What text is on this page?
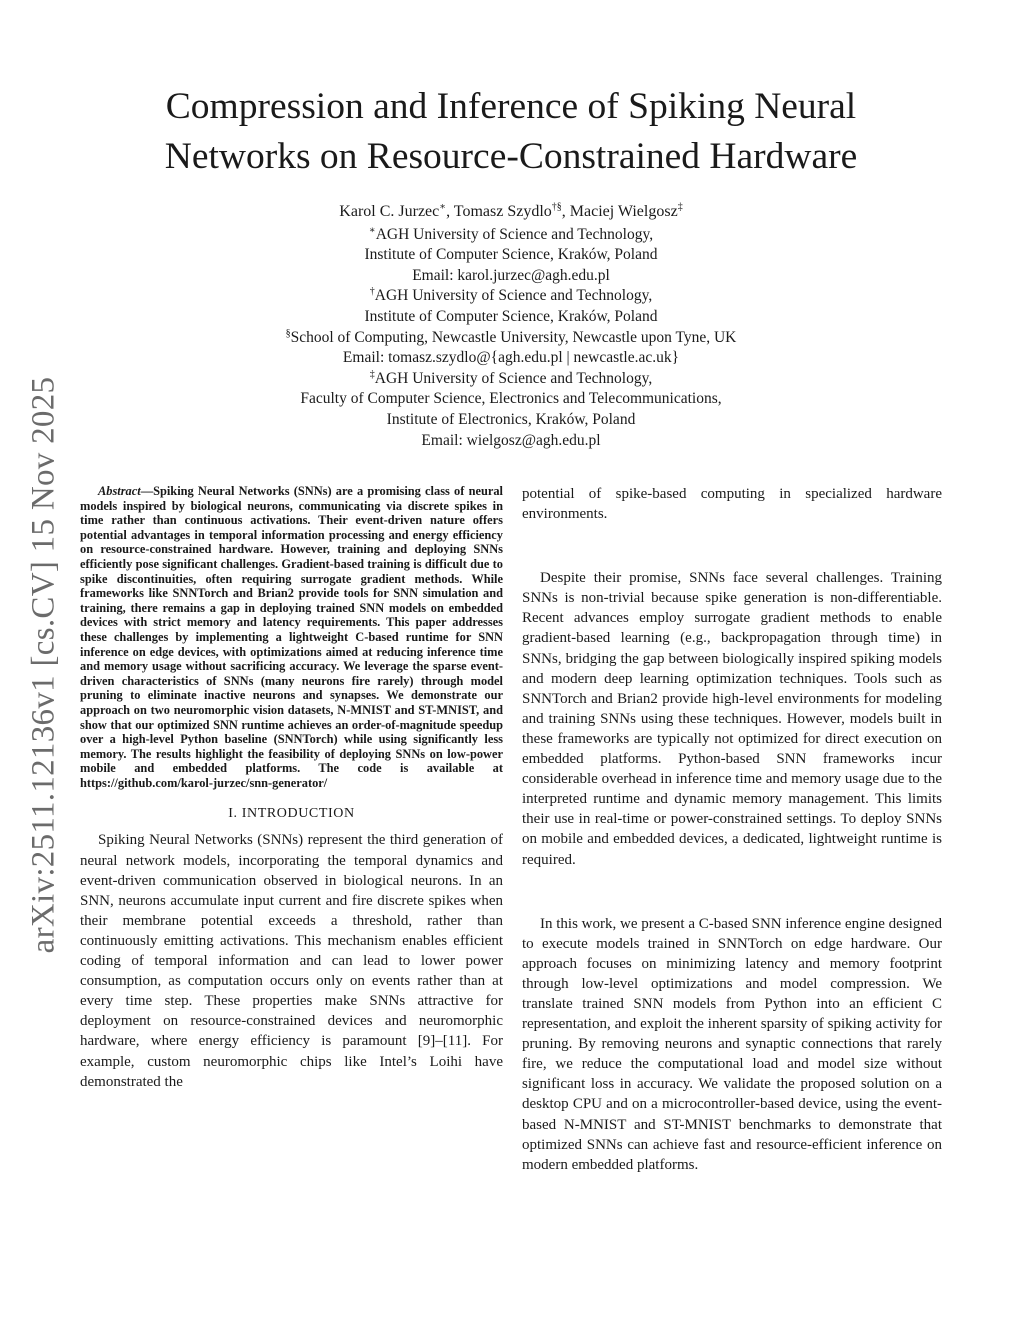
arXiv:2511.12136v1 [cs.CV] 15 Nov 2025
Compression and Inference of Spiking Neural
Networks on Resource-Constrained Hardware
Karol C. Jurzec∗, Tomasz Szydlo†§, Maciej Wielgosz‡
∗AGH University of Science and Technology,
Institute of Computer Science, Kraków, Poland
Email: karol.jurzec@agh.edu.pl
†AGH University of Science and Technology,
Institute of Computer Science, Kraków, Poland
§School of Computing, Newcastle University, Newcastle upon Tyne, UK
Email: tomasz.szydlo@{agh.edu.pl | newcastle.ac.uk}
‡AGH University of Science and Technology,
Faculty of Computer Science, Electronics and Telecommunications,
Institute of Electronics, Kraków, Poland
Email: wielgosz@agh.edu.pl

Abstract—Spiking Neural Networks (SNNs) are a promising class of neural models inspired by biological neurons, communicating via discrete spikes in time rather than continuous activations. Their event-driven nature offers potential advantages in temporal information processing and energy efficiency on resource-constrained hardware. However, training and deploying SNNs efficiently pose significant challenges. Gradient-based training is difficult due to spike discontinuities, often requiring surrogate gradient methods. While frameworks like SNNTorch and Brian2 provide tools for SNN simulation and training, there remains a gap in deploying trained SNN models on embedded devices with strict memory and latency requirements. This paper addresses these challenges by implementing a lightweight C-based runtime for SNN inference on edge devices, with optimizations aimed at reducing inference time and memory usage without sacrificing accuracy. We leverage the sparse event-driven characteristics of SNNs (many neurons fire rarely) through model pruning to eliminate inactive neurons and synapses. We demonstrate our approach on two neuromorphic vision datasets, N-MNIST and ST-MNIST, and show that our optimized SNN runtime achieves an order-of-magnitude speedup over a high-level Python baseline (SNNTorch) while using significantly less memory. The results highlight the feasibility of deploying SNNs on low-power mobile and embedded platforms. The code is available at https://github.com/karol-jurzec/snn-generator/

I. INTRODUCTION

Spiking Neural Networks (SNNs) represent the third generation of neural network models, incorporating the temporal dynamics and event-driven communication observed in biological neurons. In an SNN, neurons accumulate input current and fire discrete spikes when their membrane potential exceeds a threshold, rather than continuously emitting activations. This mechanism enables efficient coding of temporal information and can lead to lower power consumption, as computation occurs only on events rather than at every time step. These properties make SNNs attractive for deployment on resource-constrained devices and neuromorphic hardware, where energy efficiency is paramount [9]–[11]. For example, custom neuromorphic chips like Intel’s Loihi have demonstrated the

potential of spike-based computing in specialized hardware environments.

Despite their promise, SNNs face several challenges. Training SNNs is non-trivial because spike generation is non-differentiable. Recent advances employ surrogate gradient methods to enable gradient-based learning (e.g., backpropagation through time) in SNNs, bridging the gap between biologically inspired spiking models and modern deep learning optimization techniques. Tools such as SNNTorch and Brian2 provide high-level environments for modeling and training SNNs using these techniques. However, models built in these frameworks are typically not optimized for direct execution on embedded platforms. Python-based SNN frameworks incur considerable overhead in inference time and memory usage due to the interpreted runtime and dynamic memory management. This limits their use in real-time or power-constrained settings. To deploy SNNs on mobile and embedded devices, a dedicated, lightweight runtime is required.

In this work, we present a C-based SNN inference engine designed to execute models trained in SNNTorch on edge hardware. Our approach focuses on minimizing latency and memory footprint through low-level optimizations and model compression. We translate trained SNN models from Python into an efficient C representation, and exploit the inherent sparsity of spiking activity for pruning. By removing neurons and synaptic connections that rarely fire, we reduce the computational load and model size without significant loss in accuracy. We validate the proposed solution on a desktop CPU and on a microcontroller-based device, using the event-based N-MNIST and ST-MNIST benchmarks to demonstrate that optimized SNNs can achieve fast and resource-efficient inference on modern embedded platforms.
